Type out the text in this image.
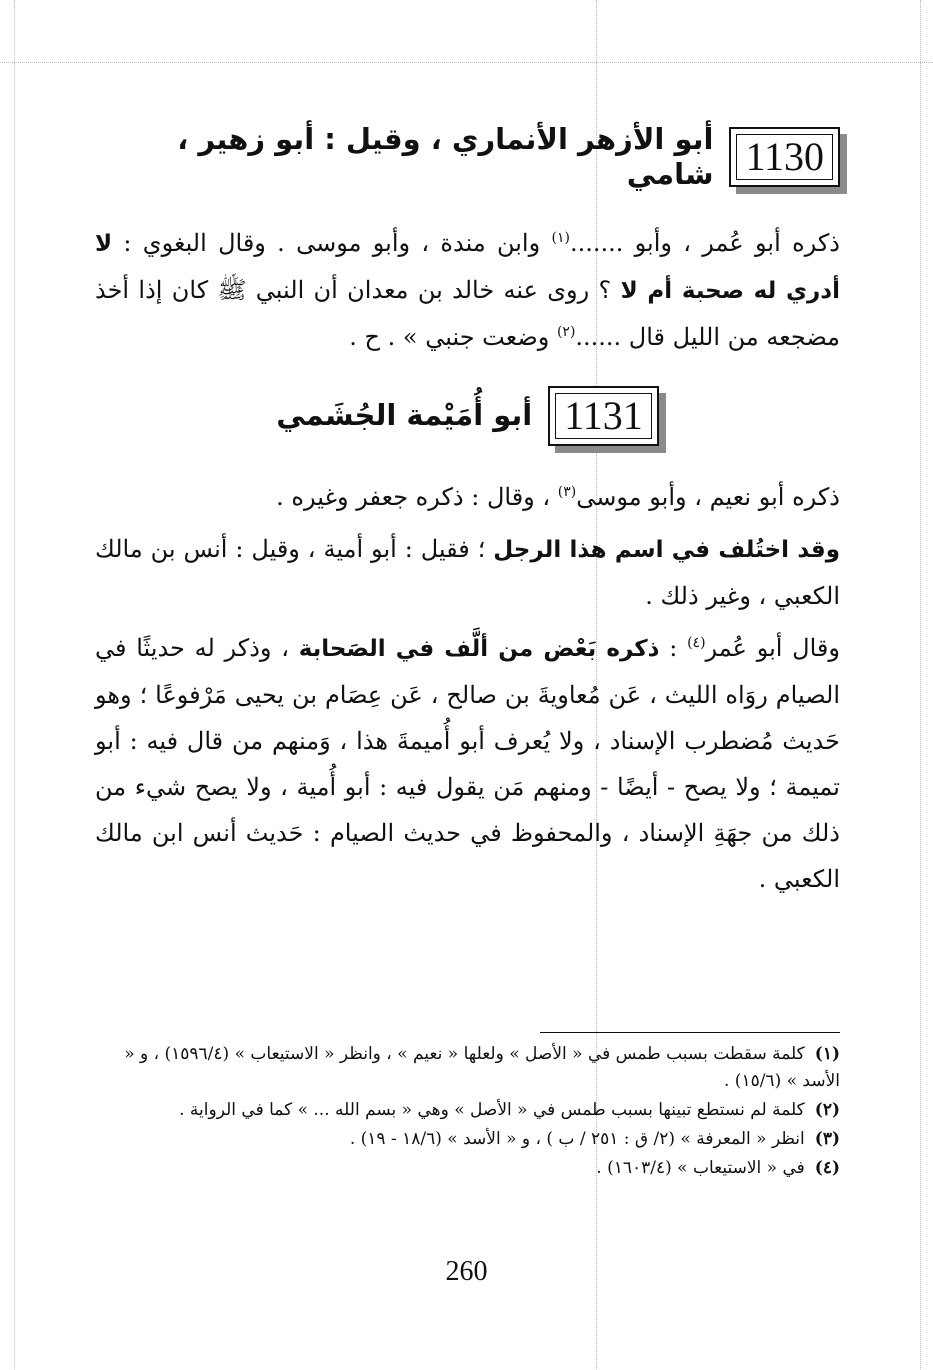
1130
أبو الأزهر الأنماري ، وقيل : أبو زهير ، شامي

ذكره أبو عُمر ، وأبو .......$^{(١)}$ وابن مندة ، وأبو موسى . وقال البغوي : لا أدري له صحبة أم لا ؟ روى عنه خالد بن معدان أن النبي ﷺ كان إذا أخذ مضجعه من الليل قال ......$^{(٢)}$ وضعت جنبي » . ح .

1131
أبو أُمَيْمة الجُشَمي

ذكره أبو نعيم ، وأبو موسى$^{(٣)}$ ، وقال : ذكره جعفر وغيره .

وقد اختُلف في اسم هذا الرجل ؛ فقيل : أبو أمية ، وقيل : أنس بن مالك الكعبي ، وغير ذلك .

وقال أبو عُمر$^{(٤)}$ : ذكره بَعْض من ألَّف في الصَحابة ، وذكر له حديثًا في الصيام روَاه الليث ، عَن مُعاويةَ بن صالح ، عَن عِصَام بن يحيى مَرْفوعًا ؛ وهو حَديث مُضطرب الإسناد ، ولا يُعرف أبو أُميمةَ هذا ، وَمنهم من قال فيه : أبو تميمة ؛ ولا يصح - أيضًا - ومنهم مَن يقول فيه : أبو أُمية ، ولا يصح شيء من ذلك من جهَةِ الإسناد ، والمحفوظ في حديث الصيام : حَديث أنس ابن مالك الكعبي .

(١)كلمة سقطت بسبب طمس في « الأصل » ولعلها « نعيم » ، وانظر « الاستيعاب » (١٥٩٦/٤) ، و « الأسد » (١٥/٦) .

(٢)كلمة لم نستطع تبينها بسبب طمس في « الأصل » وهي « بسم الله ... » كما في الرواية .

(٣)انظر « المعرفة » (٢/ ق : ٢٥١ / ب ) ، و « الأسد » (١٨/٦ - ١٩) .

(٤)في « الاستيعاب » (١٦٠٣/٤) .

260
